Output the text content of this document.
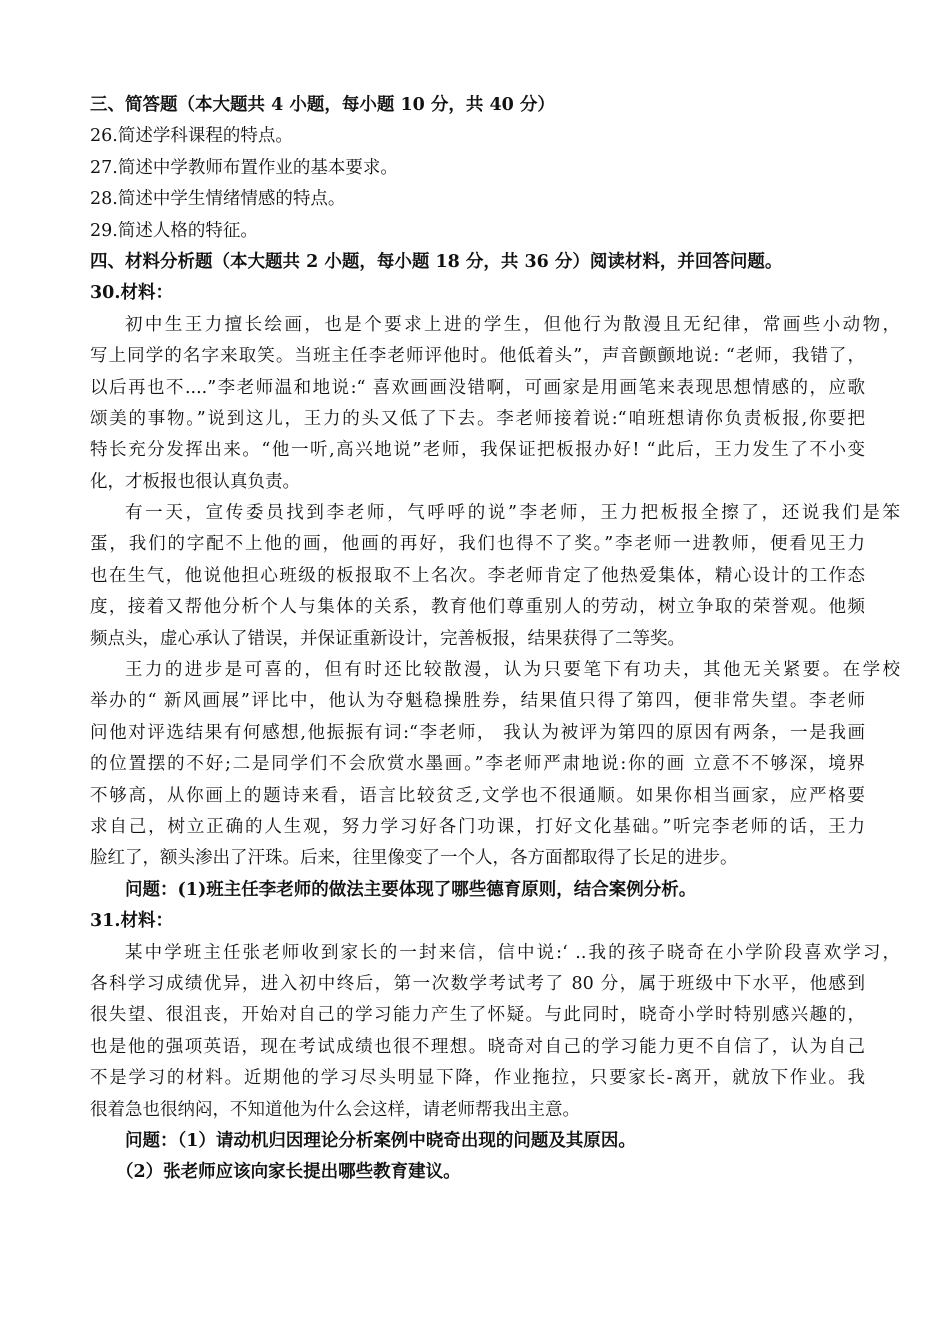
三、简答题（本大题共 4 小题，每小题 10 分，共 40 分）
26.简述学科课程的特点。
27.简述中学教师布置作业的基本要求。
28.简述中学生情绪情感的特点。
29.简述人格的特征。
四、材料分析题（本大题共 2 小题，每小题 18 分，共 36 分）阅读材料，并回答问题。
30.材料：
初中生王力擅长绘画，也是个要求上进的学生，但他行为散漫且无纪律，常画些小动物，
写上同学的名字来取笑。当班主任李老师评他时。他低着头”，声音颤颤地说: “老师，我错了，
以后再也不....”李老师温和地说:“ 喜欢画画没错啊，可画家是用画笔来表现思想情感的，应歌
颂美的事物。”说到这儿，王力的头又低了下去。李老师接着说:“咱班想请你负责板报,你要把
特长充分发挥出来。“他一听,高兴地说”老师，我保证把板报办好! “此后，王力发生了不小变
化，才板报也很认真负责。
有一天，宣传委员找到李老师，气呼呼的说”李老师，王力把板报全擦了，还说我们是笨
蛋，我们的字配不上他的画，他画的再好，我们也得不了奖。”李老师一进教师，便看见王力
也在生气，他说他担心班级的板报取不上名次。李老师肯定了他热爱集体，精心设计的工作态
度，接着又帮他分析个人与集体的关系，教育他们尊重别人的劳动，树立争取的荣誉观。他频
频点头，虚心承认了错误，并保证重新设计，完善板报，结果获得了二等奖。
王力的进步是可喜的，但有时还比较散漫，认为只要笔下有功夫，其他无关紧要。在学校
举办的“ 新风画展”评比中，他认为夺魁稳操胜券，结果值只得了第四，便非常失望。李老师
问他对评选结果有何感想,他振振有词:“李老师， 我认为被评为第四的原因有两条，一是我画
的位置摆的不好;二是同学们不会欣赏水墨画。”李老师严肃地说:你的画 立意不不够深，境界
不够高，从你画上的题诗来看，语言比较贫乏,文学也不很通顺。如果你相当画家，应严格要
求自己，树立正确的人生观，努力学习好各门功课，打好文化基础。”听完李老师的话，王力
脸红了，额头渗出了汗珠。后来，往里像变了一个人，各方面都取得了长足的进步。
问题：(1)班主任李老师的做法主要体现了哪些德育原则，结合案例分析。
31.材料：
某中学班主任张老师收到家长的一封来信，信中说:‘ ..我的孩子晓奇在小学阶段喜欢学习，
各科学习成绩优异，进入初中终后，第一次数学考试考了 80 分，属于班级中下水平，他感到
很失望、很沮丧，开始对自己的学习能力产生了怀疑。与此同时，晓奇小学时特别感兴趣的，
也是他的强项英语，现在考试成绩也很不理想。晓奇对自己的学习能力更不自信了，认为自己
不是学习的材料。近期他的学习尽头明显下降，作业拖拉，只要家长-离开，就放下作业。我
很着急也很纳闷，不知道他为什么会这样，请老师帮我出主意。
问题：（1）请动机归因理论分析案例中晓奇出现的问题及其原因。
（2）张老师应该向家长提出哪些教育建议。
